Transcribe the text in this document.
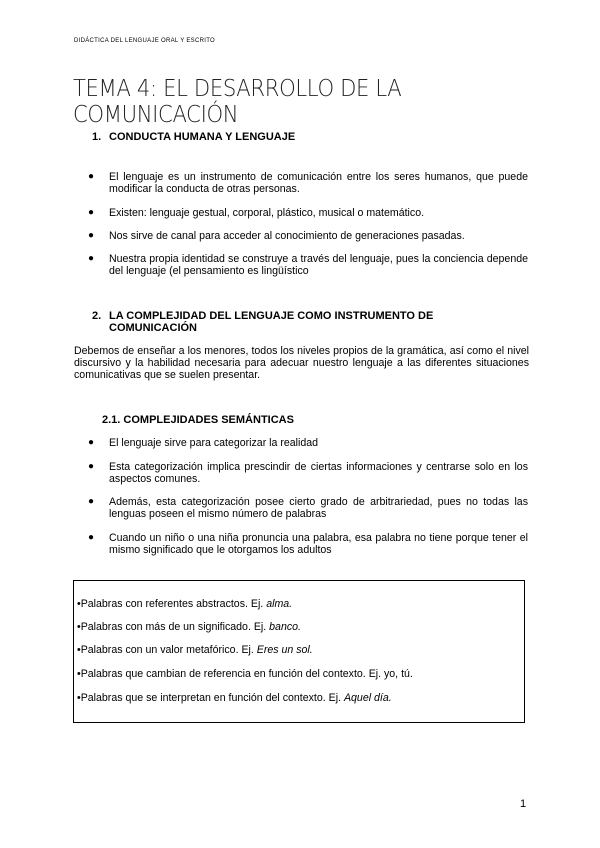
DIDÁCTICA DEL LENGUAJE ORAL Y ESCRITO
TEMA 4: EL DESARROLLO DE LA COMUNICACIÓN
1. CONDUCTA HUMANA Y LENGUAJE
● El lenguaje es un instrumento de comunicación entre los seres humanos, que puede modificar la conducta de otras personas.
● Existen: lenguaje gestual, corporal, plástico, musical o matemático.
● Nos sirve de canal para acceder al conocimiento de generaciones pasadas.
● Nuestra propia identidad se construye a través del lenguaje, pues la conciencia depende del lenguaje (el pensamiento es lingüístico
2. LA COMPLEJIDAD DEL LENGUAJE COMO INSTRUMENTO DE
COMUNICACIÓN
Debemos de enseñar a los menores, todos los niveles propios de la gramática, así como el nivel discursivo y la habilidad necesaria para adecuar nuestro lenguaje a las diferentes situaciones comunicativas que se suelen presentar.
2.1. COMPLEJIDADES SEMÁNTICAS
● El lenguaje sirve para categorizar la realidad
● Esta categorización implica prescindir de ciertas informaciones y centrarse solo en los aspectos comunes.
● Además, esta categorización posee cierto grado de arbitrariedad, pues no todas las lenguas poseen el mismo número de palabras
● Cuando un niño o una niña pronuncia una palabra, esa palabra no tiene porque tener el mismo significado que le otorgamos los adultos
•Palabras con referentes abstractos. Ej. alma.
•Palabras con más de un significado. Ej. banco.
•Palabras con un valor metafórico. Ej. Eres un sol.
•Palabras que cambian de referencia en función del contexto. Ej. yo, tú.
•Palabras que se interpretan en función del contexto. Ej. Aquel día.
1
